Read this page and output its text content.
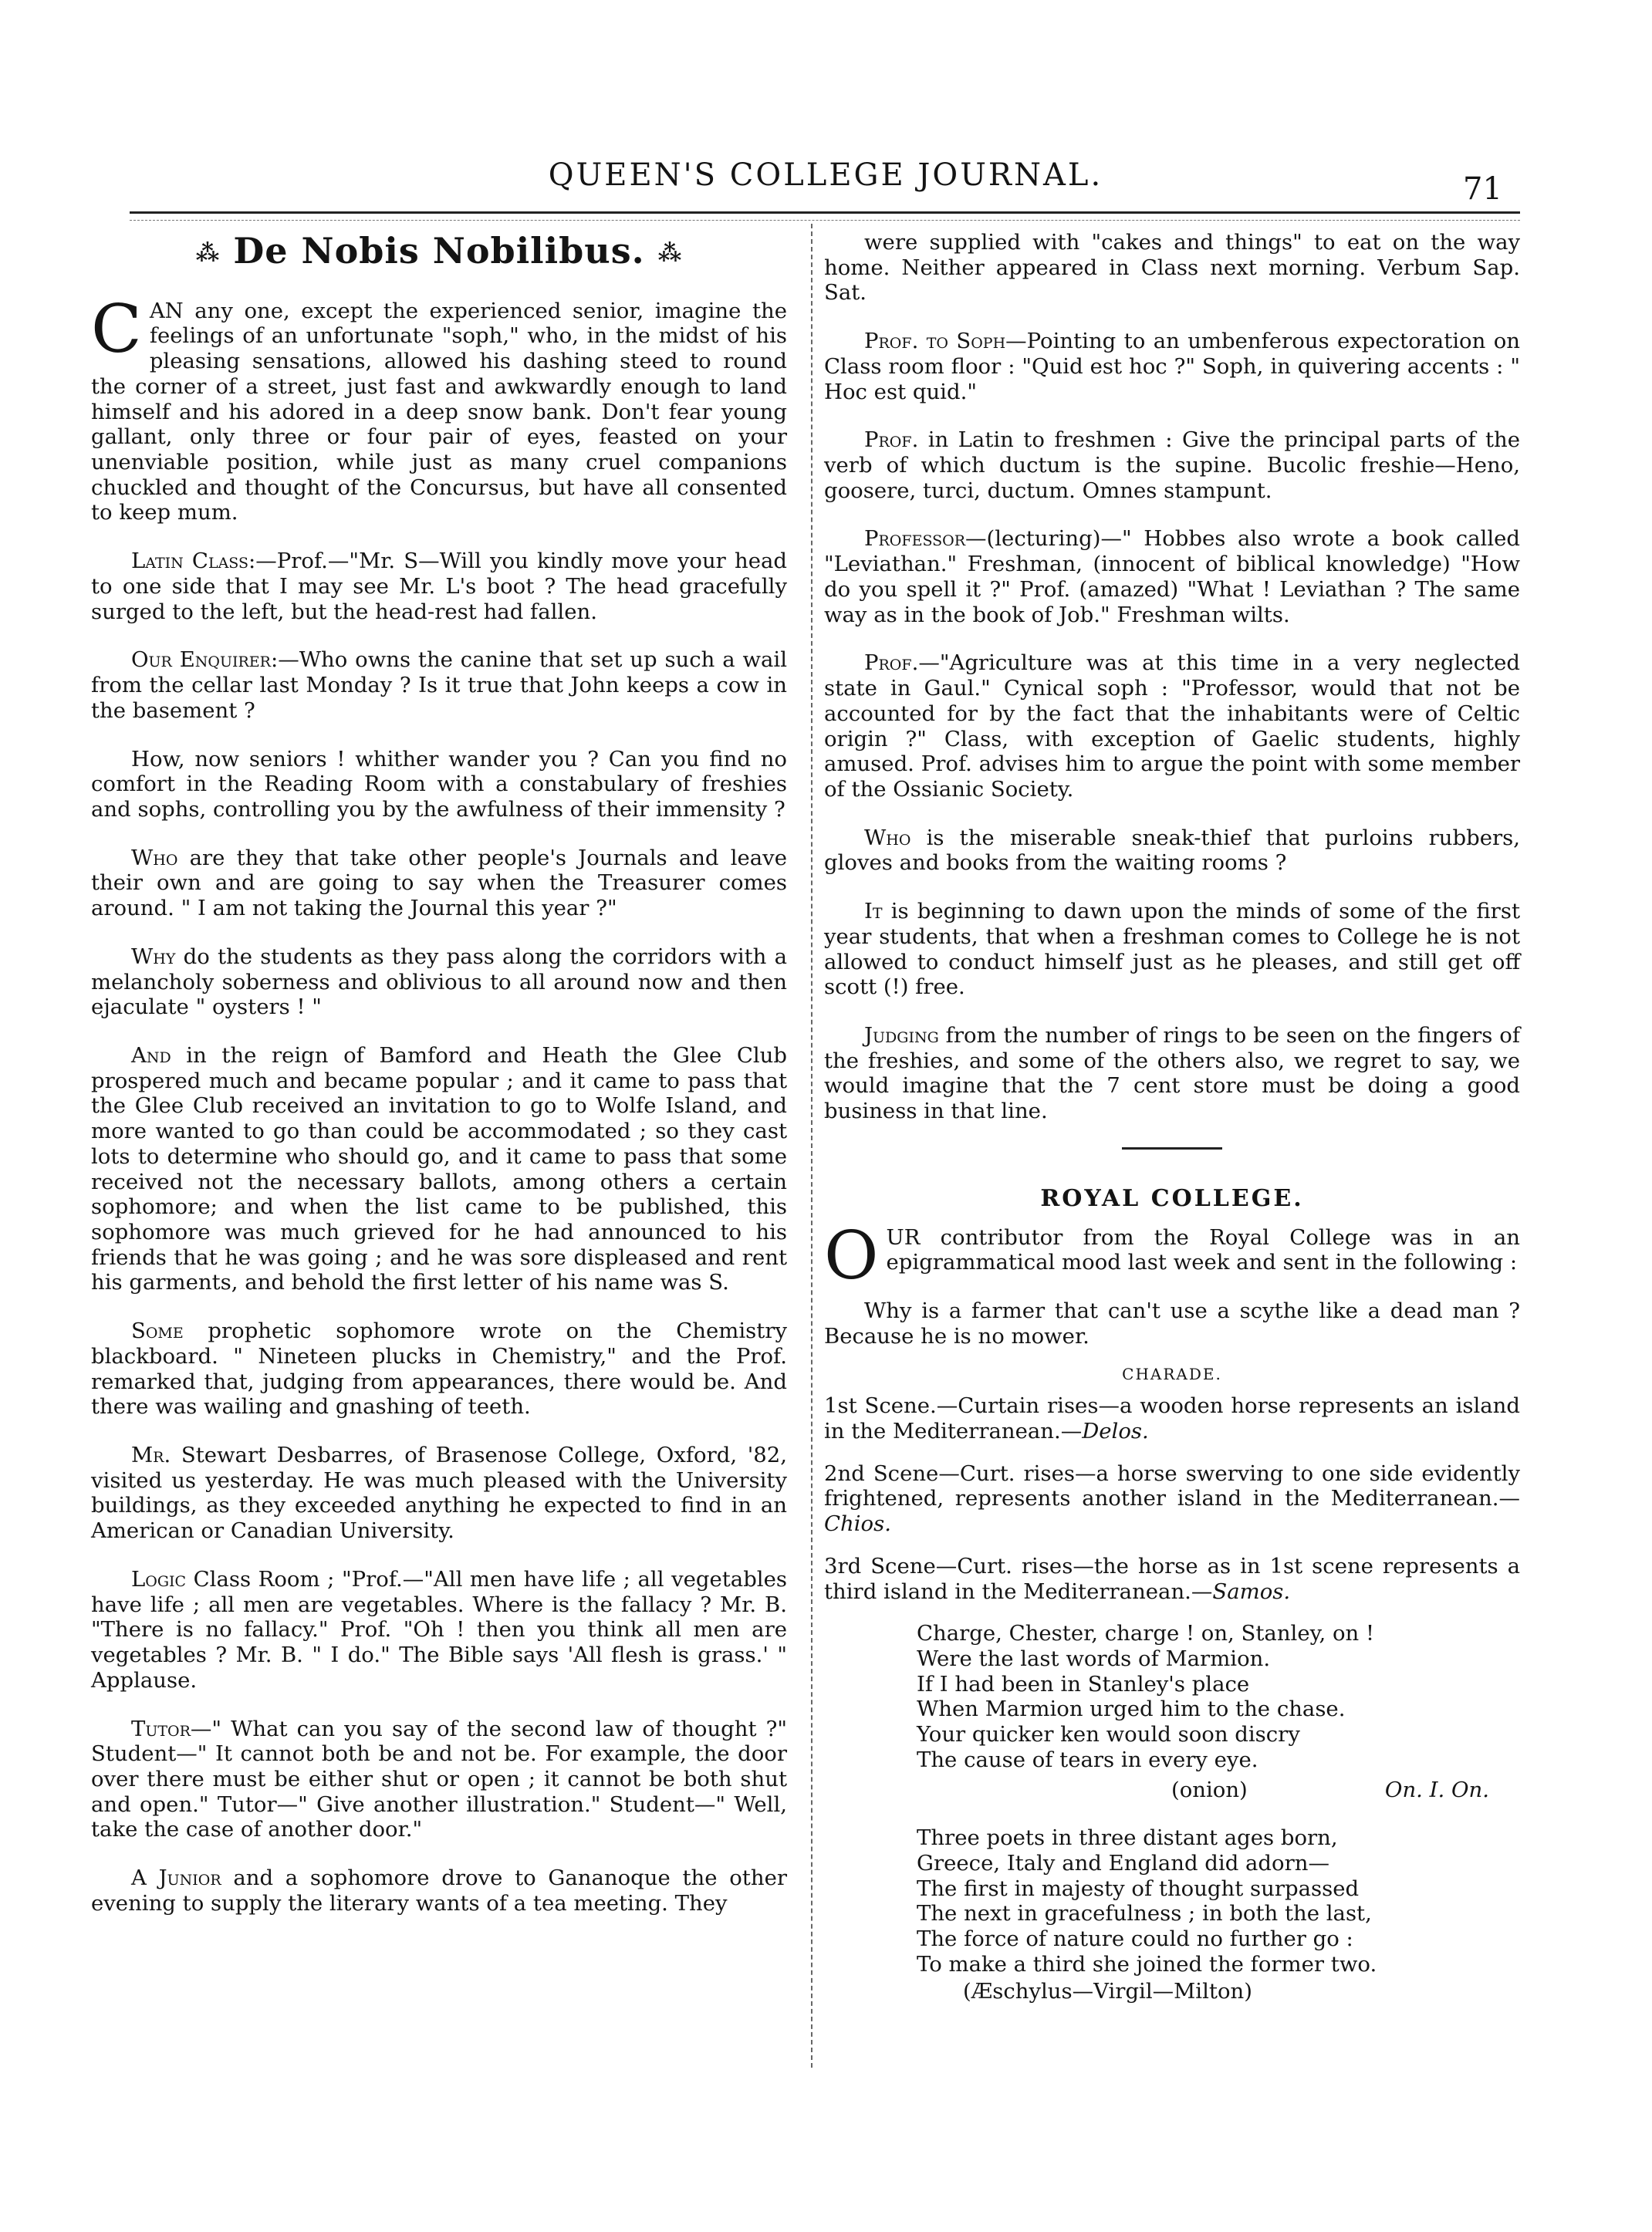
QUEEN'S COLLEGE JOURNAL.	71
⁂ De Nobis Nobilibus. ⁂

CAN any one, except the experienced senior, imagine the feelings of an unfortunate "soph," who, in the midst of his pleasing sensations, allowed his dashing steed to round the corner of a street, just fast and awkwardly enough to land himself and his adored in a deep snow bank. Don't fear young gallant, only three or four pair of eyes, feasted on your unenviable position, while just as many cruel companions chuckled and thought of the Concursus, but have all consented to keep mum.

Latin Class:—Prof.—"Mr. S—Will you kindly move your head to one side that I may see Mr. L's boot ? The head gracefully surged to the left, but the head-rest had fallen.

Our Enquirer:—Who owns the canine that set up such a wail from the cellar last Monday ? Is it true that John keeps a cow in the basement ?

How, now seniors ! whither wander you ? Can you find no comfort in the Reading Room with a constabulary of freshies and sophs, controlling you by the awfulness of their immensity ?

Who are they that take other people's Journals and leave their own and are going to say when the Treasurer comes around. " I am not taking the Journal this year ?"

Why do the students as they pass along the corridors with a melancholy soberness and oblivious to all around now and then ejaculate " oysters ! "

And in the reign of Bamford and Heath the Glee Club prospered much and became popular ; and it came to pass that the Glee Club received an invitation to go to Wolfe Island, and more wanted to go than could be accommodated ; so they cast lots to determine who should go, and it came to pass that some received not the necessary ballots, among others a certain sophomore; and when the list came to be published, this sophomore was much grieved for he had announced to his friends that he was going ; and he was sore displeased and rent his garments, and behold the first letter of his name was S.

Some prophetic sophomore wrote on the Chemistry blackboard. " Nineteen plucks in Chemistry," and the Prof. remarked that, judging from appearances, there would be. And there was wailing and gnashing of teeth.

Mr. Stewart Desbarres, of Brasenose College, Oxford, '82, visited us yesterday. He was much pleased with the University buildings, as they exceeded anything he expected to find in an American or Canadian University.

Logic Class Room ; "Prof.—"All men have life ; all vegetables have life ; all men are vegetables. Where is the fallacy ? Mr. B. "There is no fallacy." Prof. "Oh ! then you think all men are vegetables ? Mr. B. " I do." The Bible says 'All flesh is grass.' " Applause.

Tutor—" What can you say of the second law of thought ?" Student—" It cannot both be and not be. For example, the door over there must be either shut or open ; it cannot be both shut and open." Tutor—" Give another illustration." Student—" Well, take the case of another door."

A Junior and a sophomore drove to Gananoque the other evening to supply the literary wants of a tea meeting. They

were supplied with "cakes and things" to eat on the way home. Neither appeared in Class next morning. Verbum Sap. Sat.

Prof. to Soph—Pointing to an umbenferous expectoration on Class room floor : "Quid est hoc ?" Soph, in quivering accents : " Hoc est quid."

Prof. in Latin to freshmen : Give the principal parts of the verb of which ductum is the supine. Bucolic freshie—Heno, goosere, turci, ductum. Omnes stampunt.

Professor—(lecturing)—" Hobbes also wrote a book called "Leviathan." Freshman, (innocent of biblical knowledge) "How do you spell it ?" Prof. (amazed) "What ! Leviathan ? The same way as in the book of Job." Freshman wilts.

Prof.—"Agriculture was at this time in a very neglected state in Gaul." Cynical soph : "Professor, would that not be accounted for by the fact that the inhabitants were of Celtic origin ?" Class, with exception of Gaelic students, highly amused. Prof. advises him to argue the point with some member of the Ossianic Society.

Who is the miserable sneak-thief that purloins rubbers, gloves and books from the waiting rooms ?

It is beginning to dawn upon the minds of some of the first year students, that when a freshman comes to College he is not allowed to conduct himself just as he pleases, and still get off scott (!) free.

Judging from the number of rings to be seen on the fingers of the freshies, and some of the others also, we regret to say, we would imagine that the 7 cent store must be doing a good business in that line.

ROYAL COLLEGE.

OUR contributor from the Royal College was in an epigrammatical mood last week and sent in the following :

Why is a farmer that can't use a scythe like a dead man ? Because he is no mower.

CHARADE.

1st Scene.—Curtain rises—a wooden horse represents an island in the Mediterranean.—Delos.

2nd Scene—Curt. rises—a horse swerving to one side evidently frightened, represents another island in the Mediterranean.—Chios.

3rd Scene—Curt. rises—the horse as in 1st scene represents a third island in the Mediterranean.—Samos.

Charge, Chester, charge ! on, Stanley, on !
Were the last words of Marmion.
If I had been in Stanley's place
When Marmion urged him to the chase.
Your quicker ken would soon discry
The cause of tears in every eye.
(onion)	On. I. On.
Three poets in three distant ages born,
Greece, Italy and England did adorn—
The first in majesty of thought surpassed
The next in gracefulness ; in both the last,
The force of nature could no further go :
To make a third she joined the former two.
(Æschylus—Virgil—Milton)
